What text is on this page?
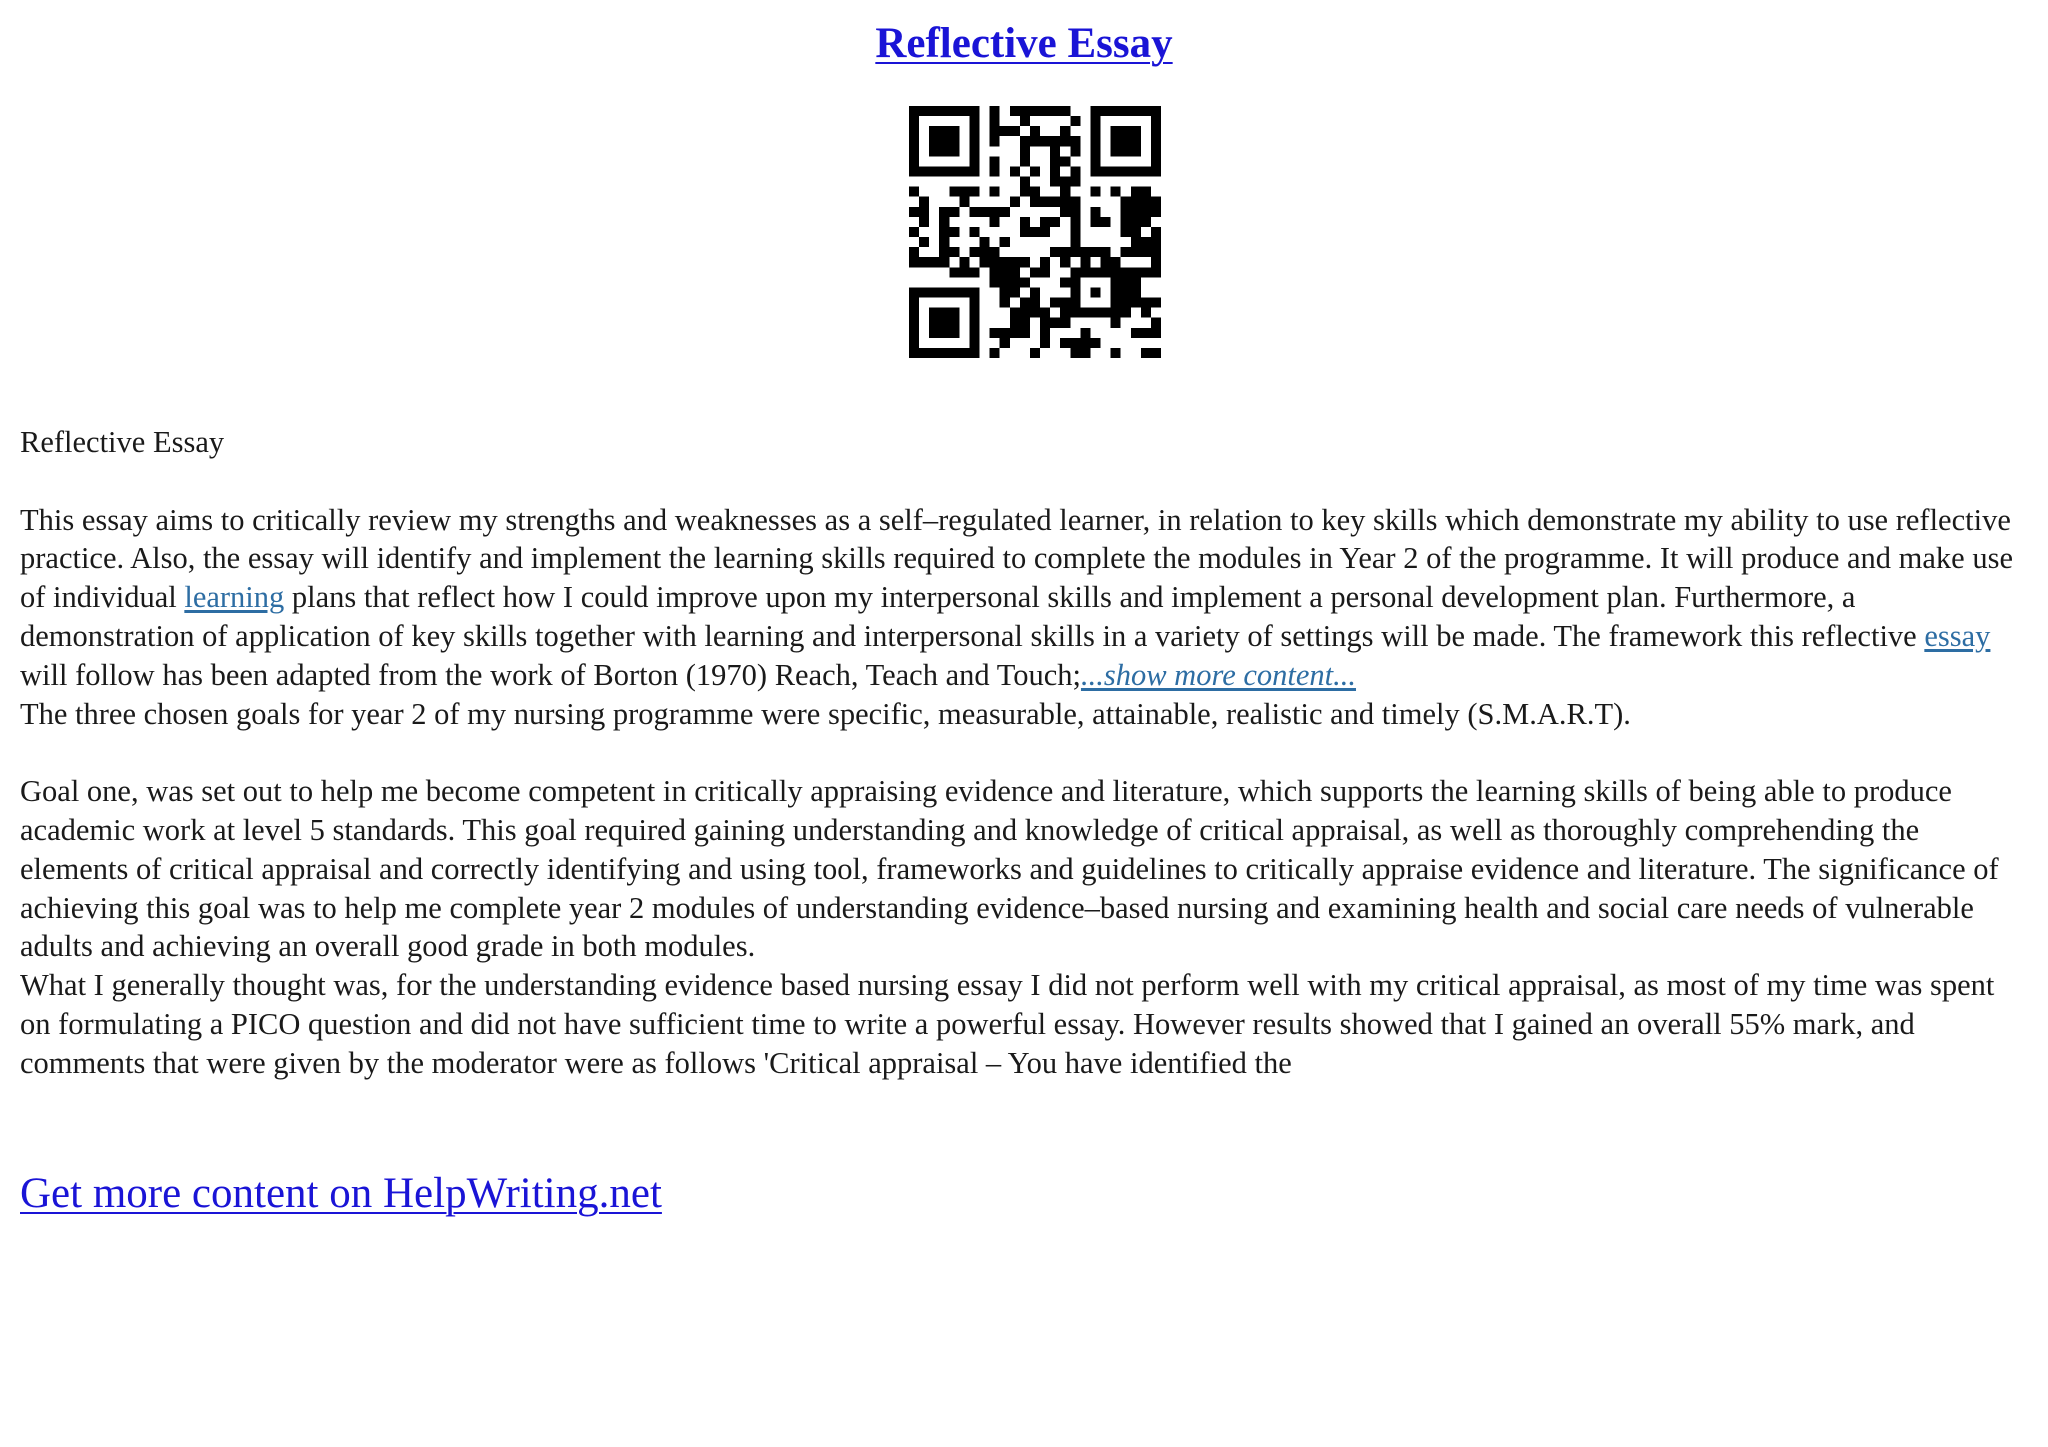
Reflective Essay

Reflective Essay

This essay aims to critically review my strengths and weaknesses as a self–regulated learner, in relation to key skills which demonstrate my ability to use reflective practice. Also, the essay will identify and implement the learning skills required to complete the modules in Year 2 of the programme. It will produce and make use of individual learning plans that reflect how I could improve upon my interpersonal skills and implement a personal development plan. Furthermore, a demonstration of application of key skills together with learning and interpersonal skills in a variety of settings will be made. The framework this reflective essay will follow has been adapted from the work of Borton (1970) Reach, Teach and Touch;...show more content...

The three chosen goals for year 2 of my nursing programme were specific, measurable, attainable, realistic and timely (S.M.A.R.T).

Goal one, was set out to help me become competent in critically appraising evidence and literature, which supports the learning skills of being able to produce academic work at level 5 standards. This goal required gaining understanding and knowledge of critical appraisal, as well as thoroughly comprehending the elements of critical appraisal and correctly identifying and using tool, frameworks and guidelines to critically appraise evidence and literature. The significance of achieving this goal was to help me complete year 2 modules of understanding evidence–based nursing and examining health and social care needs of vulnerable adults and achieving an overall good grade in both modules.

What I generally thought was, for the understanding evidence based nursing essay I did not perform well with my critical appraisal, as most of my time was spent on formulating a PICO question and did not have sufficient time to write a powerful essay. However results showed that I gained an overall 55% mark, and comments that were given by the moderator were as follows 'Critical appraisal – You have identified the

Get more content on HelpWriting.net
